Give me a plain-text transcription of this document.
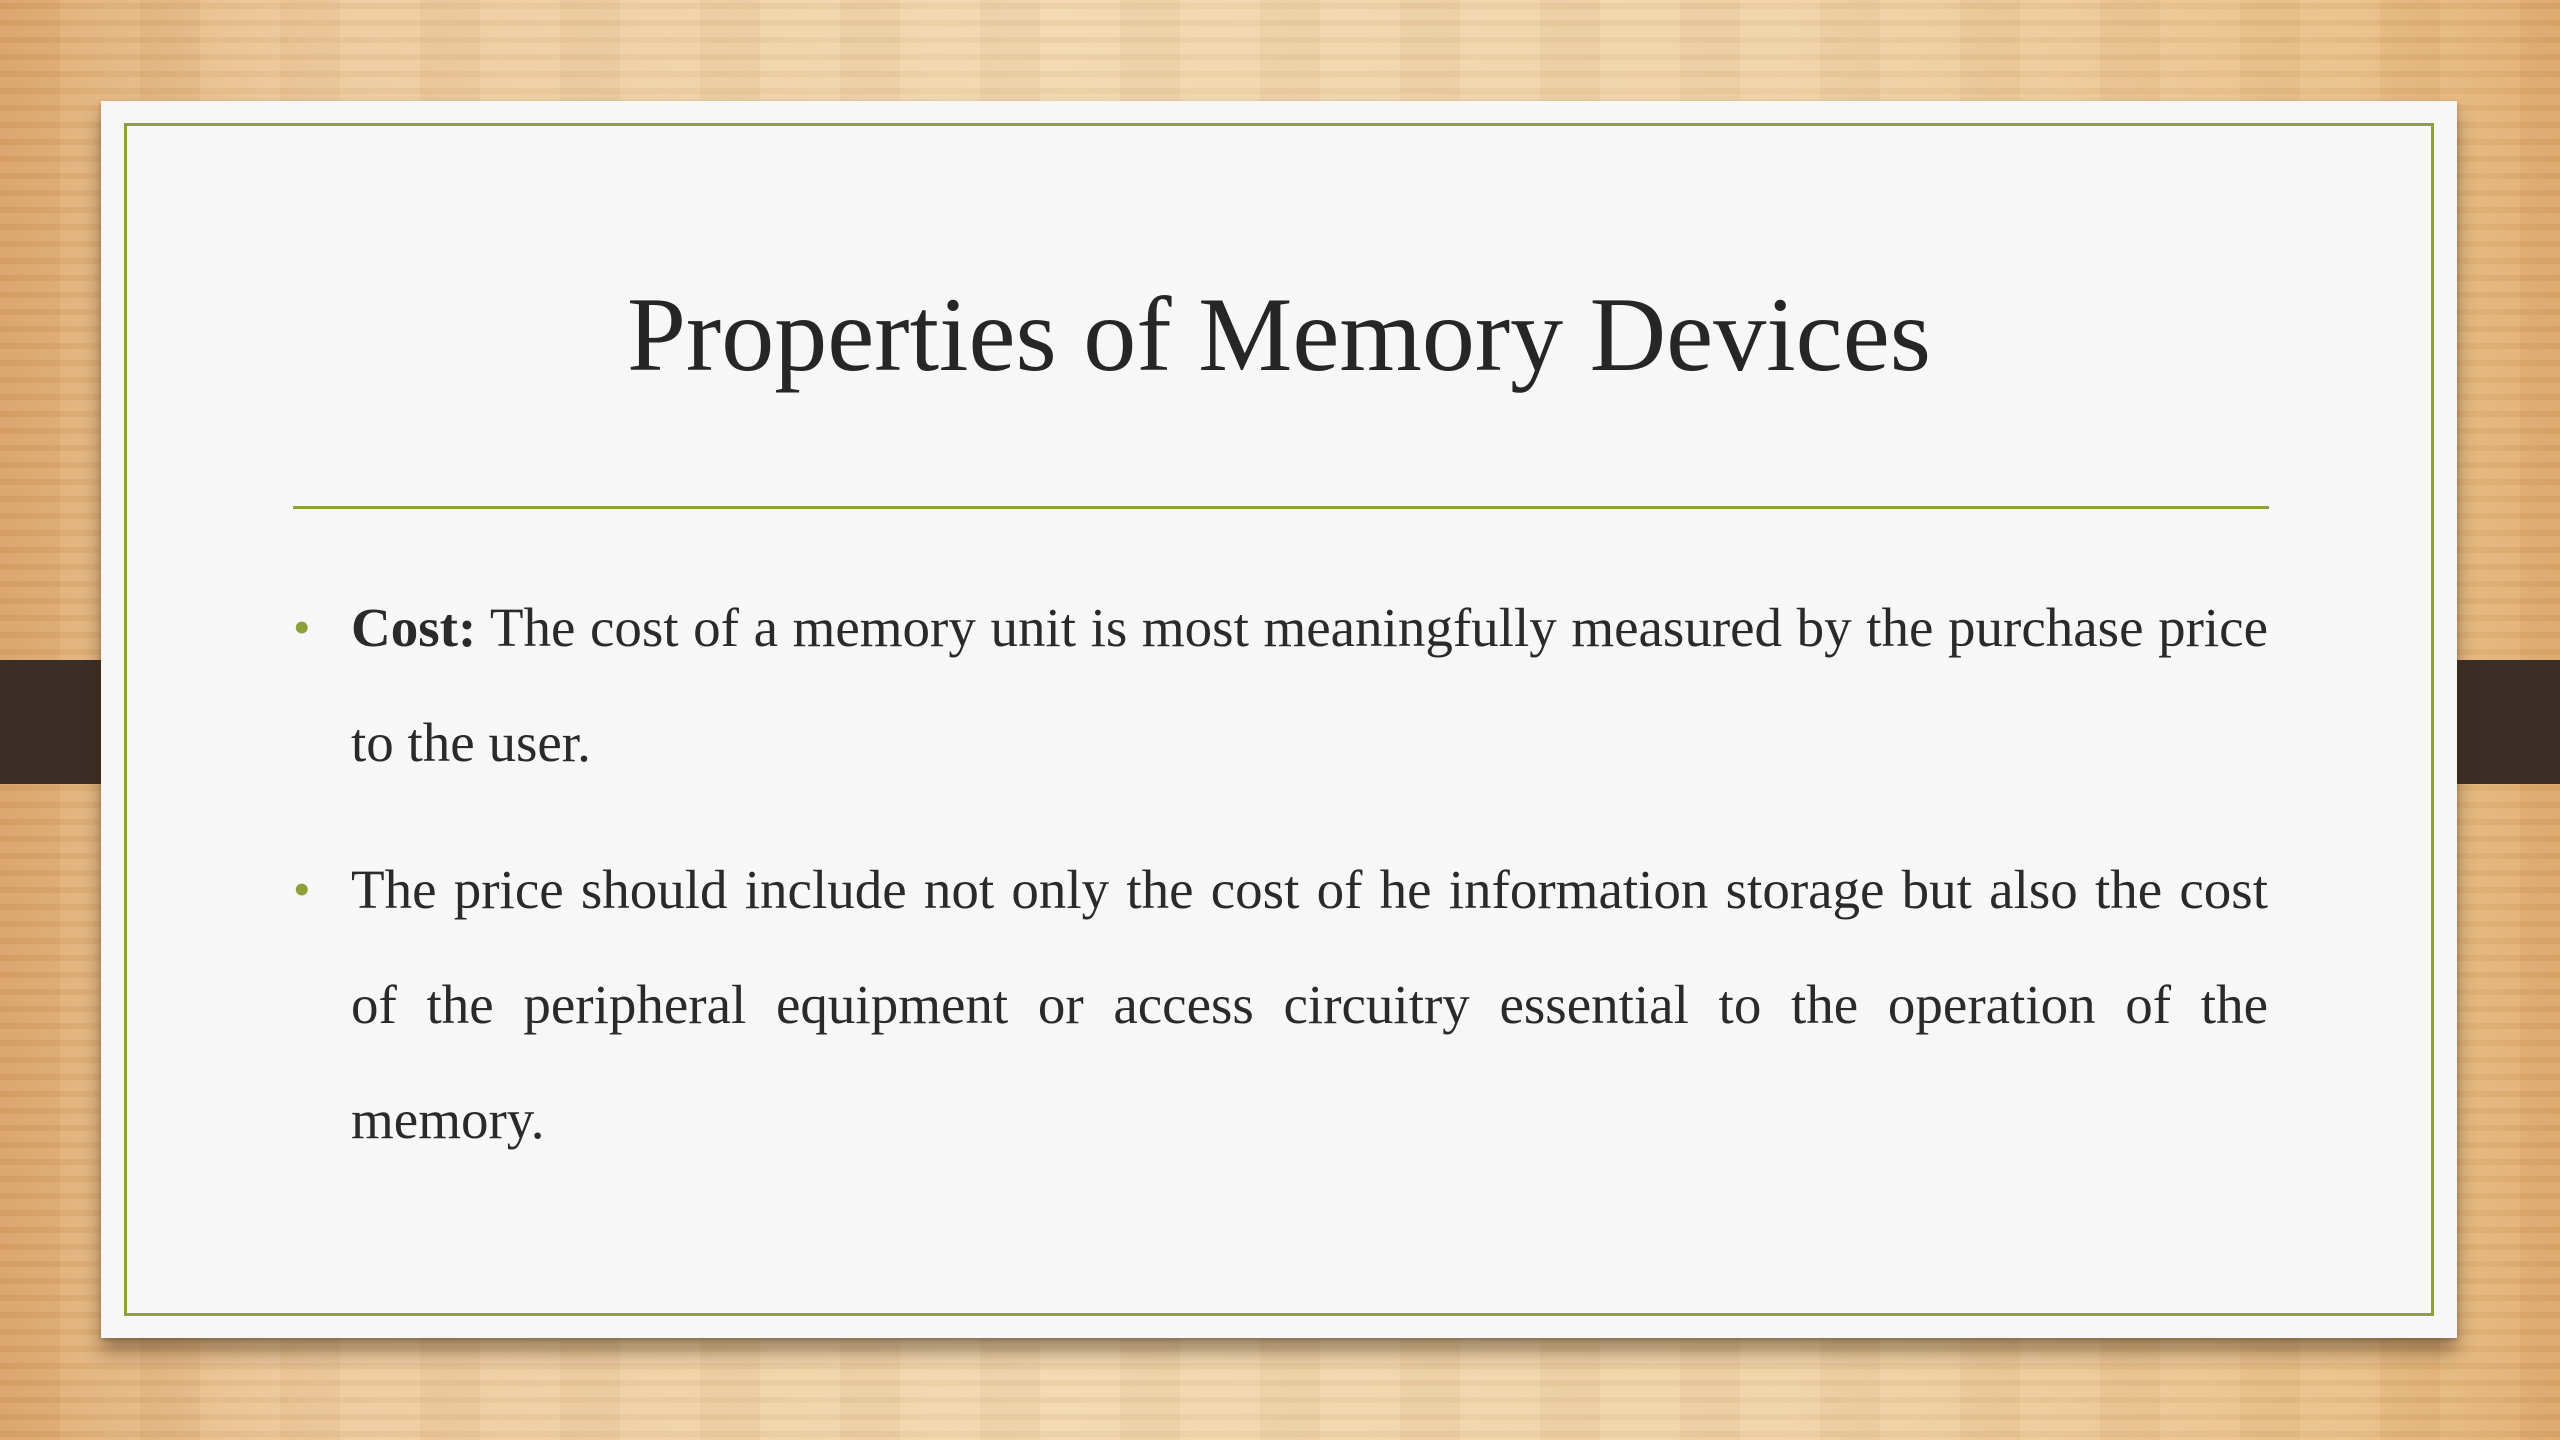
Properties of Memory Devices
• Cost: The cost of a memory unit is most meaningfully measured by the purchase price to the user.
• The price should include not only the cost of he information storage but also the cost of the peripheral equipment or access circuitry essential to the operation of the memory.
